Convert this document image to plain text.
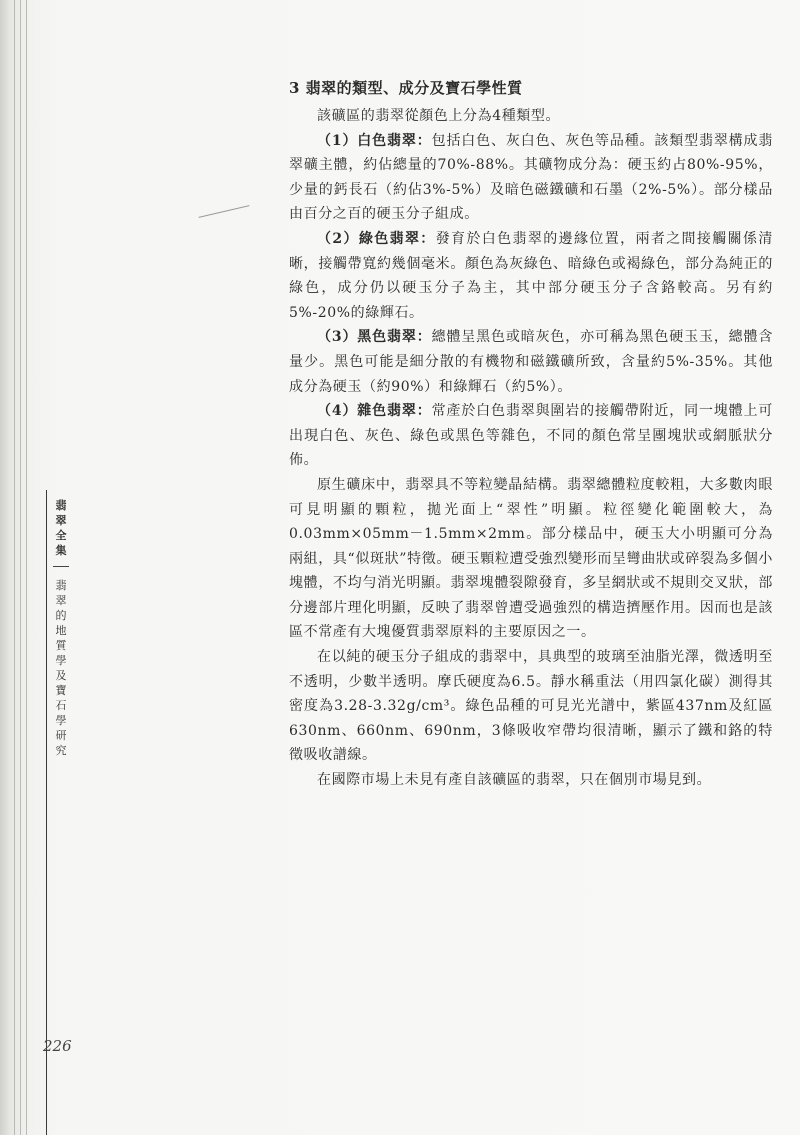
翡
翠
全
集
翡
翠
的
地
質
學
及
寶
石
學
研
究
3 翡翠的類型、成分及寶石學性質

該礦區的翡翠從顏色上分為4種類型。

（1）白色翡翠：包括白色、灰白色、灰色等品種。該類型翡翠構成翡翠礦主體，約佔總量的70%-88%。其礦物成分為：硬玉約占80%-95%，少量的鈣長石（約佔3%-5%）及暗色磁鐵礦和石墨（2%-5%）。部分樣品由百分之百的硬玉分子組成。

（2）綠色翡翠：發育於白色翡翠的邊緣位置，兩者之間接觸關係清晰，接觸帶寬約幾個毫米。顏色為灰綠色、暗綠色或褐綠色，部分為純正的綠色，成分仍以硬玉分子為主，其中部分硬玉分子含鉻較高。另有約5%-20%的綠輝石。

（3）黑色翡翠：總體呈黑色或暗灰色，亦可稱為黑色硬玉玉，總體含量少。黑色可能是細分散的有機物和磁鐵礦所致，含量約5%-35%。其他成分為硬玉（約90%）和綠輝石（約5%）。

（4）雜色翡翠：常產於白色翡翠與圍岩的接觸帶附近，同一塊體上可出現白色、灰色、綠色或黑色等雜色，不同的顏色常呈團塊狀或網脈狀分佈。

原生礦床中，翡翠具不等粒變晶結構。翡翠總體粒度較粗，大多數肉眼可見明顯的顆粒，拋光面上“翠性”明顯。粒徑變化範圍較大，為0.03mm×05mm－1.5mm×2mm。部分樣品中，硬玉大小明顯可分為兩組，具“似斑狀”特徵。硬玉顆粒遭受強烈變形而呈彎曲狀或碎裂為多個小塊體，不均勻消光明顯。翡翠塊體裂隙發育，多呈網狀或不規則交叉狀，部分邊部片理化明顯，反映了翡翠曾遭受過強烈的構造擠壓作用。因而也是該區不常產有大塊優質翡翠原料的主要原因之一。

在以純的硬玉分子組成的翡翠中，具典型的玻璃至油脂光澤，微透明至不透明，少數半透明。摩氏硬度為6.5。靜水稱重法（用四氯化碳）測得其密度為3.28-3.32g/cm³。綠色品種的可見光光譜中，紫區437nm及紅區630nm、660nm、690nm，3條吸收窄帶均很清晰，顯示了鐵和鉻的特徵吸收譜線。

在國際市場上未見有產自該礦區的翡翠，只在個別市場見到。

226
